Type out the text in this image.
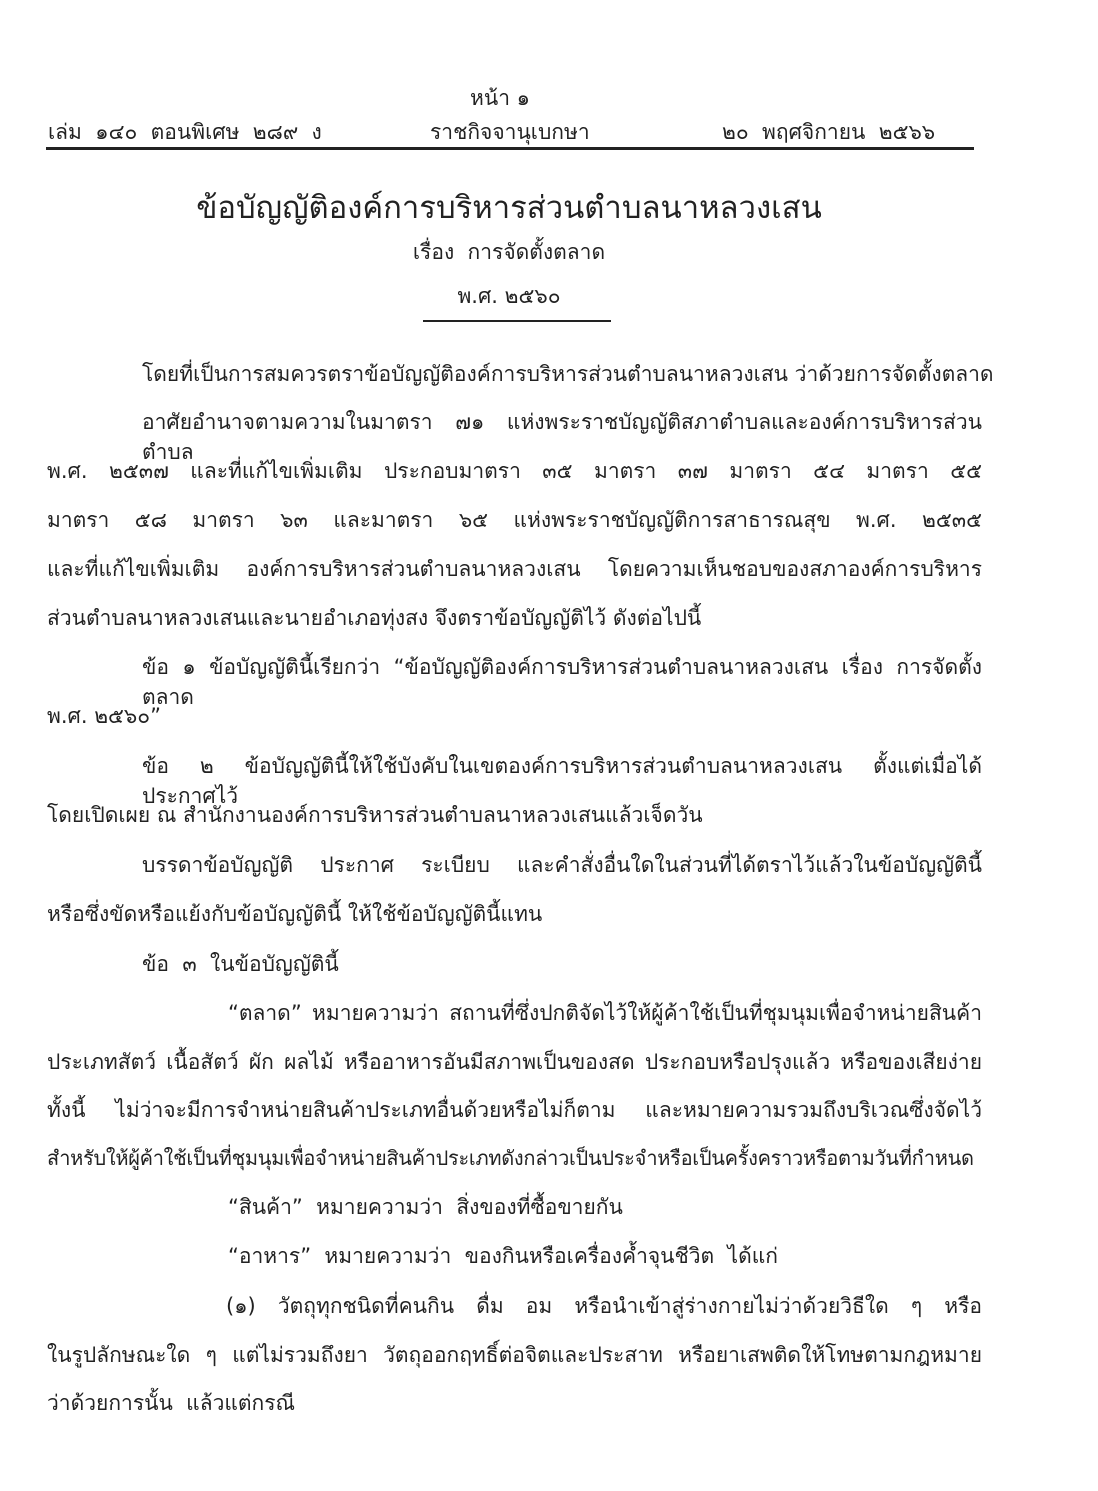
หน้า ๑
เล่ม  ๑๔๐  ตอนพิเศษ  ๒๘๙  ง	ราชกิจจานุเบกษา	๒๐  พฤศจิกายน  ๒๕๖๖
ข้อบัญญัติองค์การบริหารส่วนตำบลนาหลวงเสน
เรื่อง  การจัดตั้งตลาด
พ.ศ. ๒๕๖๐
โดยที่เป็นการสมควรตราข้อบัญญัติองค์การบริหารส่วนตำบลนาหลวงเสน ว่าด้วยการจัดตั้งตลาด
อาศัยอำนาจตามความในมาตรา ๗๑ แห่งพระราชบัญญัติสภาตำบลและองค์การบริหารส่วนตำบล
พ.ศ. ๒๕๓๗ และที่แก้ไขเพิ่มเติม ประกอบมาตรา ๓๕ มาตรา ๓๗ มาตรา ๕๔ มาตรา ๕๕
มาตรา ๕๘ มาตรา ๖๓ และมาตรา ๖๕ แห่งพระราชบัญญัติการสาธารณสุข พ.ศ. ๒๕๓๕
และที่แก้ไขเพิ่มเติม องค์การบริหารส่วนตำบลนาหลวงเสน โดยความเห็นชอบของสภาองค์การบริหาร
ส่วนตำบลนาหลวงเสนและนายอำเภอทุ่งสง จึงตราข้อบัญญัติไว้ ดังต่อไปนี้
ข้อ ๑ ข้อบัญญัตินี้เรียกว่า “ข้อบัญญัติองค์การบริหารส่วนตำบลนาหลวงเสน เรื่อง การจัดตั้งตลาด
พ.ศ. ๒๕๖๐”
ข้อ ๒ ข้อบัญญัตินี้ให้ใช้บังคับในเขตองค์การบริหารส่วนตำบลนาหลวงเสน ตั้งแต่เมื่อได้ประกาศไว้
โดยเปิดเผย ณ สำนักงานองค์การบริหารส่วนตำบลนาหลวงเสนแล้วเจ็ดวัน
บรรดาข้อบัญญัติ ประกาศ ระเบียบ และคำสั่งอื่นใดในส่วนที่ได้ตราไว้แล้วในข้อบัญญัตินี้
หรือซึ่งขัดหรือแย้งกับข้อบัญญัตินี้ ให้ใช้ข้อบัญญัตินี้แทน
ข้อ  ๓  ในข้อบัญญัตินี้
“ตลาด” หมายความว่า สถานที่ซึ่งปกติจัดไว้ให้ผู้ค้าใช้เป็นที่ชุมนุมเพื่อจำหน่ายสินค้า
ประเภทสัตว์ เนื้อสัตว์ ผัก ผลไม้ หรืออาหารอันมีสภาพเป็นของสด ประกอบหรือปรุงแล้ว หรือของเสียง่าย
ทั้งนี้ ไม่ว่าจะมีการจำหน่ายสินค้าประเภทอื่นด้วยหรือไม่ก็ตาม และหมายความรวมถึงบริเวณซึ่งจัดไว้
สำหรับให้ผู้ค้าใช้เป็นที่ชุมนุมเพื่อจำหน่ายสินค้าประเภทดังกล่าวเป็นประจำหรือเป็นครั้งคราวหรือตามวันที่กำหนด
“สินค้า”  หมายความว่า  สิ่งของที่ซื้อขายกัน
“อาหาร”  หมายความว่า  ของกินหรือเครื่องค้ำจุนชีวิต  ได้แก่
(๑) วัตถุทุกชนิดที่คนกิน ดื่ม อม หรือนำเข้าสู่ร่างกายไม่ว่าด้วยวิธีใด ๆ หรือ
ในรูปลักษณะใด ๆ แต่ไม่รวมถึงยา วัตถุออกฤทธิ์ต่อจิตและประสาท หรือยาเสพติดให้โทษตามกฎหมาย
ว่าด้วยการนั้น  แล้วแต่กรณี
